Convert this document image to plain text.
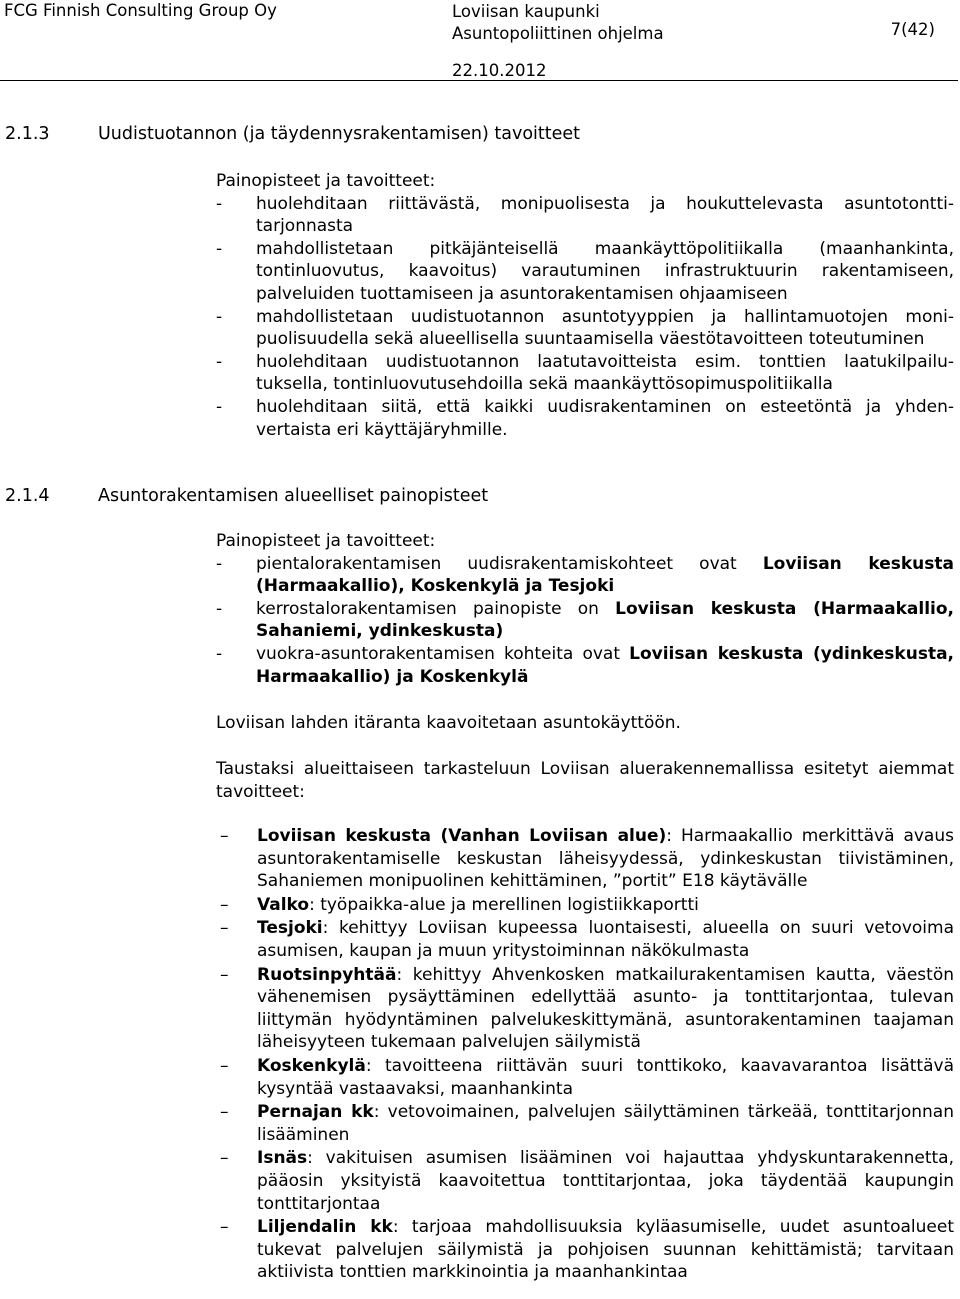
FCG Finnish Consulting Group Oy	Loviisan kaupunki
Asuntopoliittinen ohjelma	7(42)
22.10.2012
2.1.3	Uudistuotannon (ja täydennysrakentamisen) tavoitteet
Painopisteet ja tavoitteet:
- huolehditaan riittävästä, monipuolisesta ja houkuttelevasta asuntotonttitarjonnasta
- mahdollistetaan pitkäjänteisellä maankäyttöpolitiikalla (maanhankinta, tontinluovutus, kaavoitus) varautuminen infrastruktuurin rakentamiseen, palveluiden tuottamiseen ja asuntorakentamisen ohjaamiseen
- mahdollistetaan uudistuotannon asuntotyyppien ja hallintamuotojen monipuolisuudella sekä alueellisella suuntaamisella väestötavoitteen toteutuminen
- huolehditaan uudistuotannon laatutavoitteista esim. tonttien laatukilpailutuksella, tontinluovutusehdoilla sekä maankäyttösopimuspolitiikalla
- huolehditaan siitä, että kaikki uudisrakentaminen on esteetöntä ja yhdenvertaista eri käyttäjäryhmille.
2.1.4	Asuntorakentamisen alueelliset painopisteet
Painopisteet ja tavoitteet:
- pientalorakentamisen uudisrakentamiskohteet ovat Loviisan keskusta (Harmaakallio), Koskenkylä ja Tesjoki
- kerrostalorakentamisen painopiste on Loviisan keskusta (Harmaakallio, Sahaniemi, ydinkeskusta)
- vuokra-asuntorakentamisen kohteita ovat Loviisan keskusta (ydinkeskusta, Harmaakallio) ja Koskenkylä
Loviisan lahden itäranta kaavoitetaan asuntokäyttöön.
Taustaksi alueittaiseen tarkasteluun Loviisan aluerakennemallissa esitetyt aiemmat tavoitteet:
– Loviisan keskusta (Vanhan Loviisan alue): Harmaakallio merkittävä avaus asuntorakentamiselle keskustan läheisyydessä, ydinkeskustan tiivistäminen, Sahaniemen monipuolinen kehittäminen, ”portit” E18 käytävälle
– Valko: työpaikka-alue ja merellinen logistiikkaportti
– Tesjoki: kehittyy Loviisan kupeessa luontaisesti, alueella on suuri vetovoima asumisen, kaupan ja muun yritystoiminnan näkökulmasta
– Ruotsinpyhtää: kehittyy Ahvenkosken matkailurakentamisen kautta, väestön vähenemisen pysäyttäminen edellyttää asunto- ja tonttitarjontaa, tulevan liittymän hyödyntäminen palvelukeskittymänä, asuntorakentaminen taajaman läheisyyteen tukemaan palvelujen säilymistä
– Koskenkylä: tavoitteena riittävän suuri tonttikoko, kaavavarantoa lisättävä kysyntää vastaavaksi, maanhankinta
– Pernajan kk: vetovoimainen, palvelujen säilyttäminen tärkeää, tonttitarjonnan lisääminen
– Isnäs: vakituisen asumisen lisääminen voi hajauttaa yhdyskuntarakennetta, pääosin yksityistä kaavoitettua tonttitarjontaa, joka täydentää kaupungin tonttitarjontaa
– Liljendalin kk: tarjoaa mahdollisuuksia kyläasumiselle, uudet asuntoalueet tukevat palvelujen säilymistä ja pohjoisen suunnan kehittämistä; tarvitaan aktiivista tonttien markkinointia ja maanhankintaa
